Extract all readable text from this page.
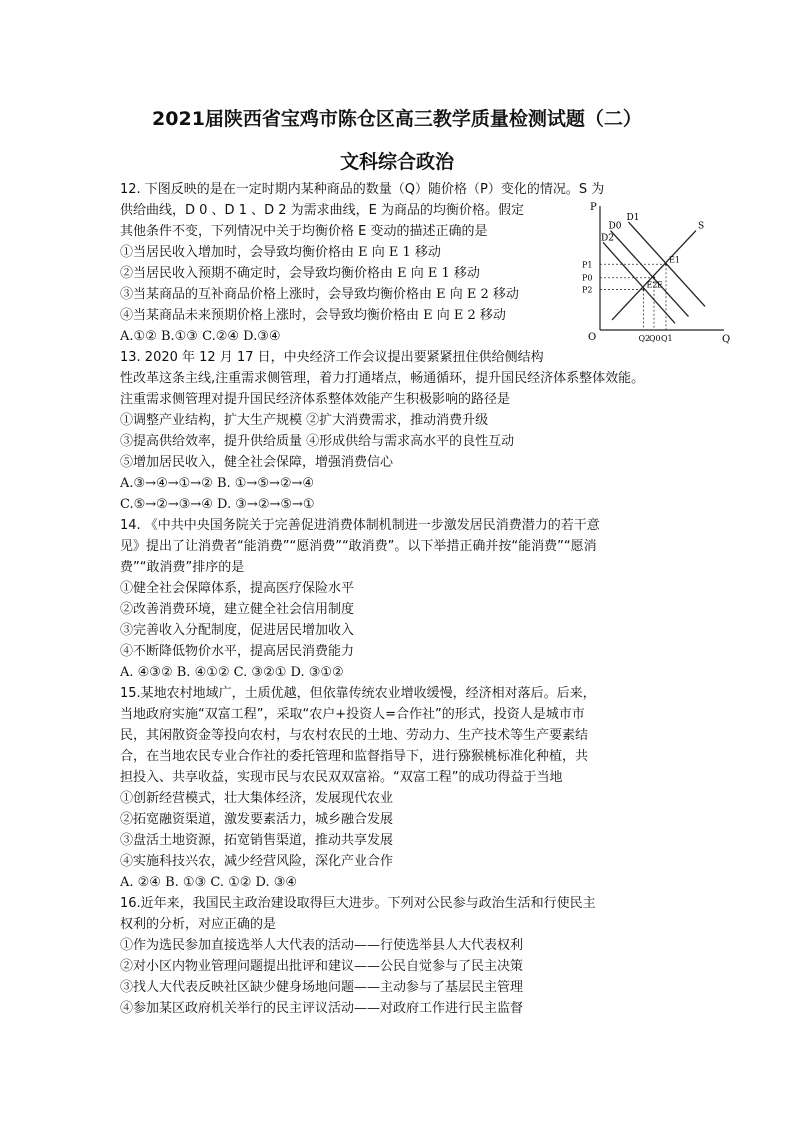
2021届陕西省宝鸡市陈仓区高三教学质量检测试题（二）
文科综合政治
12. 下图反映的是在一定时期内某种商品的数量（Q）随价格（P）变化的情况。S 为
供给曲线，D 0 、D 1 、D 2 为需求曲线，E 为商品的均衡价格。假定
其他条件不变，下列情况中关于均衡价格 E 变动的描述正确的是
①当居民收入增加时，会导致均衡价格由 E 向 E 1 移动
②当居民收入预期不确定时，会导致均衡价格由 E 向 E 1 移动
③当某商品的互补商品价格上涨时，会导致均衡价格由 E 向 E 2 移动
④当某商品未来预期价格上涨时，会导致均衡价格由 E 向 E 2 移动
A.①② B.①③ C.②④ D.③④
P
Q
O
S
D0
D1
D2
E
P0
Q0
E1
P1
Q1
E2
P2
Q2
13. 2020 年 12 月 17 日，中央经济工作会议提出要紧紧扭住供给侧结构
性改革这条主线,注重需求侧管理，着力打通堵点，畅通循环，提升国民经济体系整体效能。
注重需求侧管理对提升国民经济体系整体效能产生积极影响的路径是
①调整产业结构，扩大生产规模 ②扩大消费需求，推动消费升级
③提高供给效率，提升供给质量 ④形成供给与需求高水平的良性互动
⑤增加居民收入，健全社会保障，增强消费信心
A.③→④→①→② B. ①→⑤→②→④
C.⑤→②→③→④ D. ③→②→⑤→①
14. 《中共中央国务院关于完善促进消费体制机制进一步激发居民消费潜力的若干意
见》提出了让消费者“能消费”“愿消费”“敢消费”。以下举措正确并按“能消费”“愿消
费”“敢消费”排序的是
①健全社会保障体系，提高医疗保险水平
②改善消费环境，建立健全社会信用制度
③完善收入分配制度，促进居民增加收入
④不断降低物价水平，提高居民消费能力
A. ④③② B. ④①② C. ③②① D. ③①②
15.某地农村地域广，土质优越，但依靠传统农业增收缓慢，经济相对落后。后来，
当地政府实施“双富工程”，采取“农户+投资人=合作社”的形式，投资人是城市市
民，其闲散资金等投向农村，与农村农民的土地、劳动力、生产技术等生产要素结
合，在当地农民专业合作社的委托管理和监督指导下，进行猕猴桃标准化种植，共
担投入、共享收益，实现市民与农民双双富裕。“双富工程”的成功得益于当地
①创新经营模式，壮大集体经济，发展现代农业
②拓宽融资渠道，激发要素活力，城乡融合发展
③盘活土地资源，拓宽销售渠道，推动共享发展
④实施科技兴农，减少经营风险，深化产业合作
A. ②④ B. ①③ C. ①② D. ③④
16.近年来，我国民主政治建设取得巨大进步。下列对公民参与政治生活和行使民主
权利的分析，对应正确的是
①作为选民参加直接选举人大代表的活动——行使选举县人大代表权利
②对小区内物业管理问题提出批评和建议——公民自觉参与了民主决策
③找人大代表反映社区缺少健身场地问题——主动参与了基层民主管理
④参加某区政府机关举行的民主评议活动——对政府工作进行民主监督
